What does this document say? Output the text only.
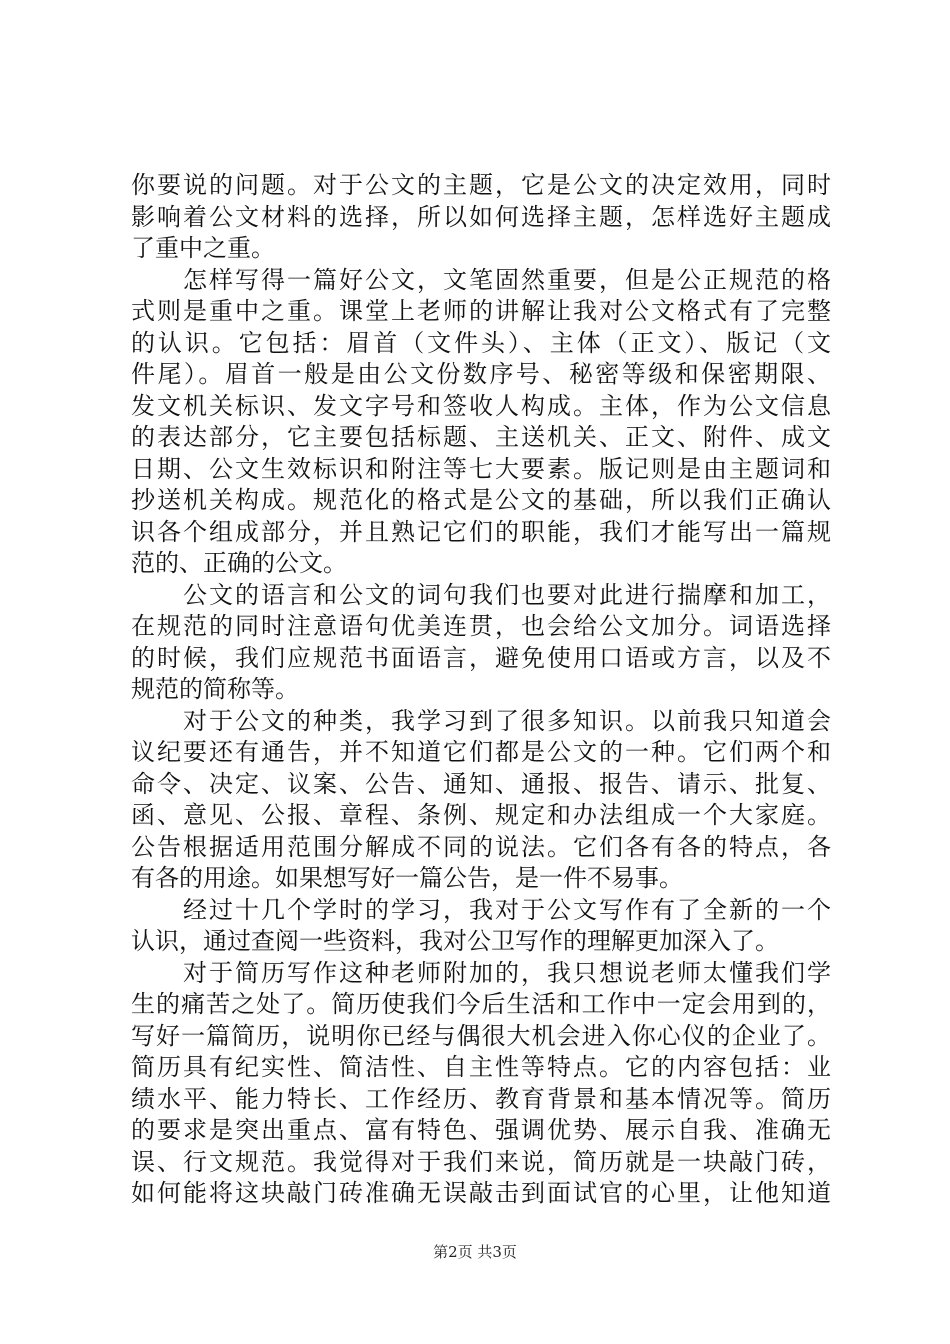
你要说的问题。对于公文的主题，它是公文的决定效用，同时
影响着公文材料的选择，所以如何选择主题，怎样选好主题成
了重中之重。
　　怎样写得一篇好公文，文笔固然重要，但是公正规范的格
式则是重中之重。课堂上老师的讲解让我对公文格式有了完整
的认识。它包括：眉首（文件头）、主体（正文）、版记（文
件尾）。眉首一般是由公文份数序号、秘密等级和保密期限、
发文机关标识、发文字号和签收人构成。主体，作为公文信息
的表达部分，它主要包括标题、主送机关、正文、附件、成文
日期、公文生效标识和附注等七大要素。版记则是由主题词和
抄送机关构成。规范化的格式是公文的基础，所以我们正确认
识各个组成部分，并且熟记它们的职能，我们才能写出一篇规
范的、正确的公文。
　　公文的语言和公文的词句我们也要对此进行揣摩和加工，
在规范的同时注意语句优美连贯，也会给公文加分。词语选择
的时候，我们应规范书面语言，避免使用口语或方言，以及不
规范的简称等。
　　对于公文的种类，我学习到了很多知识。以前我只知道会
议纪要还有通告，并不知道它们都是公文的一种。它们两个和
命令、决定、议案、公告、通知、通报、报告、请示、批复、
函、意见、公报、章程、条例、规定和办法组成一个大家庭。
公告根据适用范围分解成不同的说法。它们各有各的特点，各
有各的用途。如果想写好一篇公告，是一件不易事。
　　经过十几个学时的学习，我对于公文写作有了全新的一个
认识，通过查阅一些资料，我对公卫写作的理解更加深入了。
　　对于简历写作这种老师附加的，我只想说老师太懂我们学
生的痛苦之处了。简历使我们今后生活和工作中一定会用到的，
写好一篇简历，说明你已经与偶很大机会进入你心仪的企业了。
简历具有纪实性、简洁性、自主性等特点。它的内容包括：业
绩水平、能力特长、工作经历、教育背景和基本情况等。简历
的要求是突出重点、富有特色、强调优势、展示自我、准确无
误、行文规范。我觉得对于我们来说，简历就是一块敲门砖，
如何能将这块敲门砖准确无误敲击到面试官的心里，让他知道
第2页 共3页
